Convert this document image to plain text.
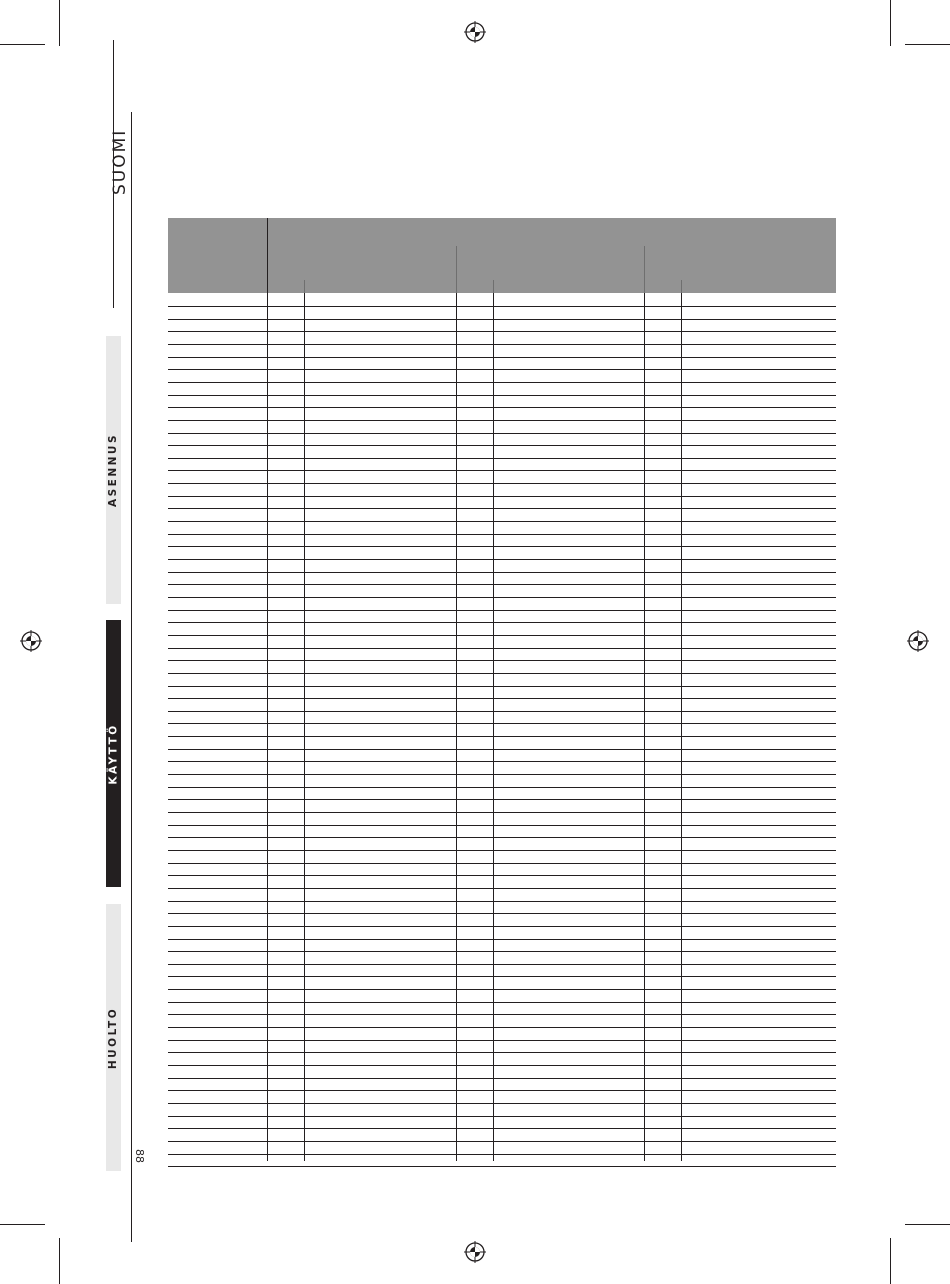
SUOMI
ASENNUS
KÄYTTÖ
HUOLTO
88
